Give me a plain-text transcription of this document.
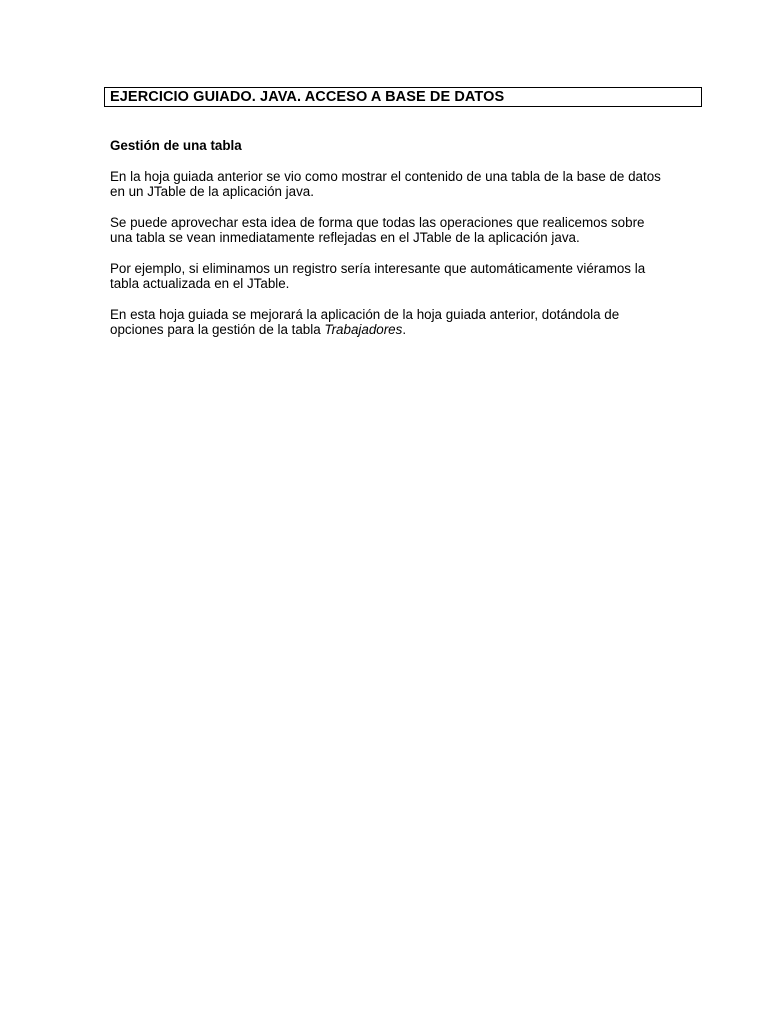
EJERCICIO GUIADO. JAVA. ACCESO A BASE DE DATOS
Gestión de una tabla
En la hoja guiada anterior se vio como mostrar el contenido de una tabla de la base de datos
en un JTable de la aplicación java.
Se puede aprovechar esta idea de forma que todas las operaciones que realicemos sobre
una tabla se vean inmediatamente reflejadas en el JTable de la aplicación java.
Por ejemplo, si eliminamos un registro sería interesante que automáticamente viéramos la
tabla actualizada en el JTable.
En esta hoja guiada se mejorará la aplicación de la hoja guiada anterior, dotándola de
opciones para la gestión de la tabla Trabajadores.
